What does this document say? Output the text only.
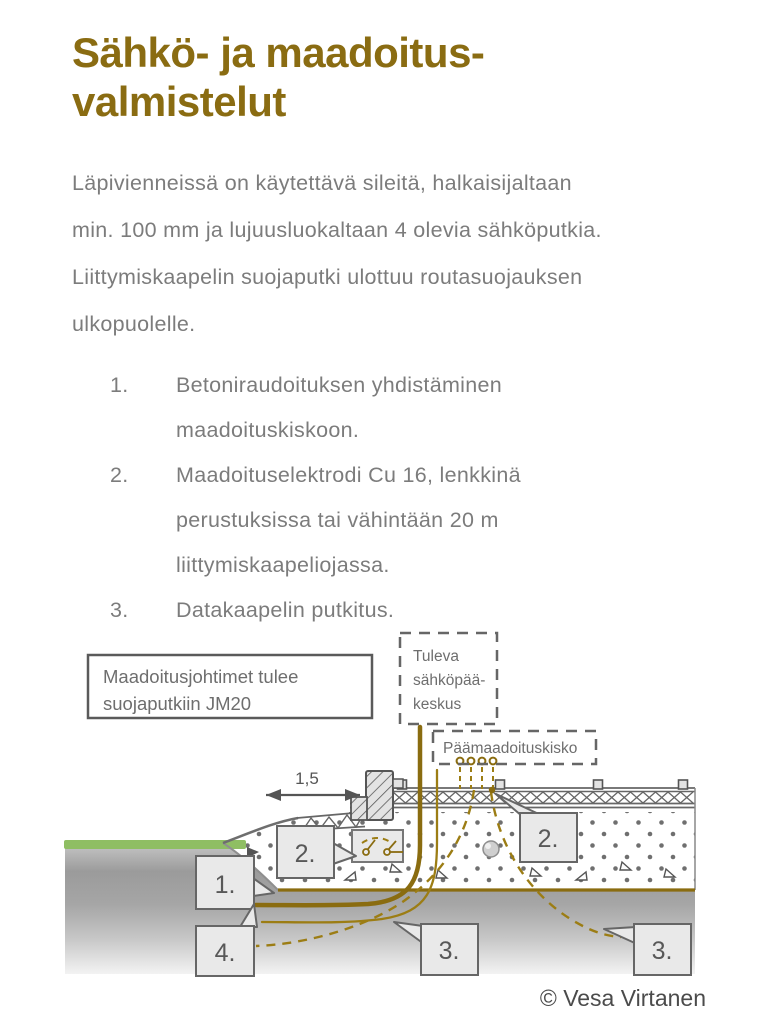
Sähkö- ja maadoitus-
valmistelut
Läpivienneissä on käytettävä sileitä, halkaisijaltaan
min. 100 mm ja lujuusluokaltaan 4 olevia sähköputkia.
Liittymiskaapelin suojaputki ulottuu routasuojauksen
ulkopuolelle.
1.	Betoniraudoituksen yhdistäminen
maadoituskiskoon.
2.	Maadoituselektrodi Cu 16, lenkkinä
perustuksissa tai vähintään 20 m
liittymiskaapeliojassa.
3.	Datakaapelin putkitus.
1,5
Maadoitusjohtimet tulee
suojaputkiin JM20
Tuleva
sähköpää-
keskus
Päämaadoituskisko
1.
2.
2.
3.	3.
4.
© Vesa Virtanen
